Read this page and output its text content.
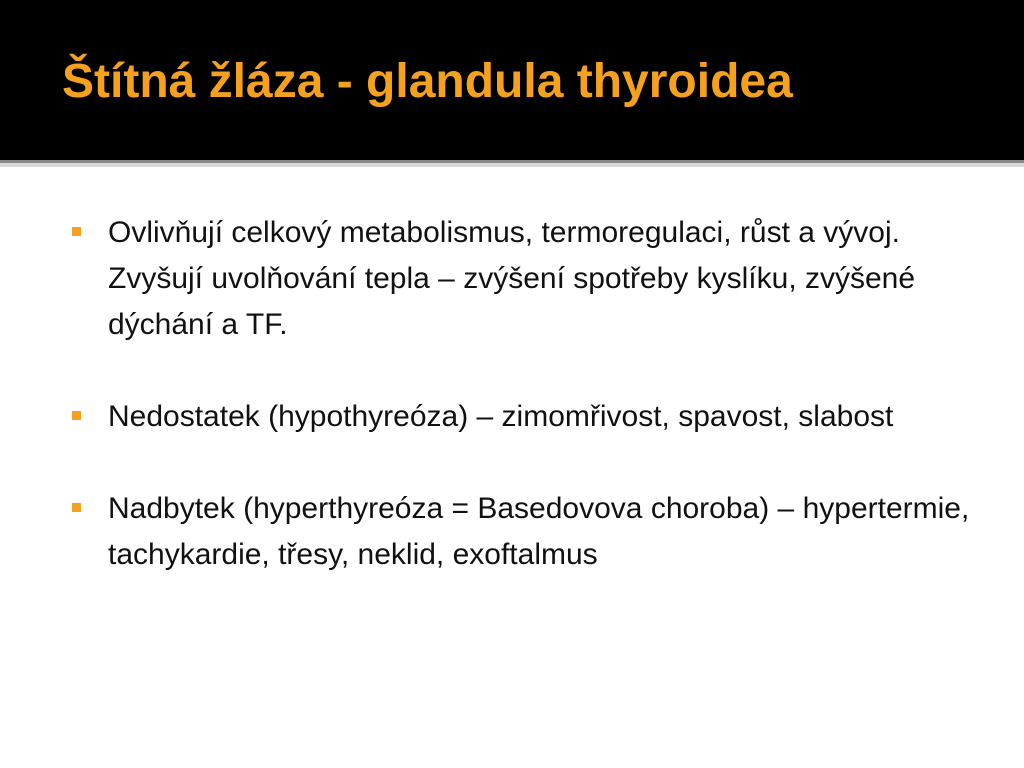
Štítná žláza - glandula thyroidea
Ovlivňují celkový metabolismus, termoregulaci, růst a vývoj. Zvyšují uvolňování tepla – zvýšení spotřeby kyslíku, zvýšené dýchání a TF.
Nedostatek (hypothyreóza) – zimomřivost, spavost, slabost
Nadbytek (hyperthyreóza = Basedovova choroba) – hypertermie, tachykardie, třesy, neklid, exoftalmus
